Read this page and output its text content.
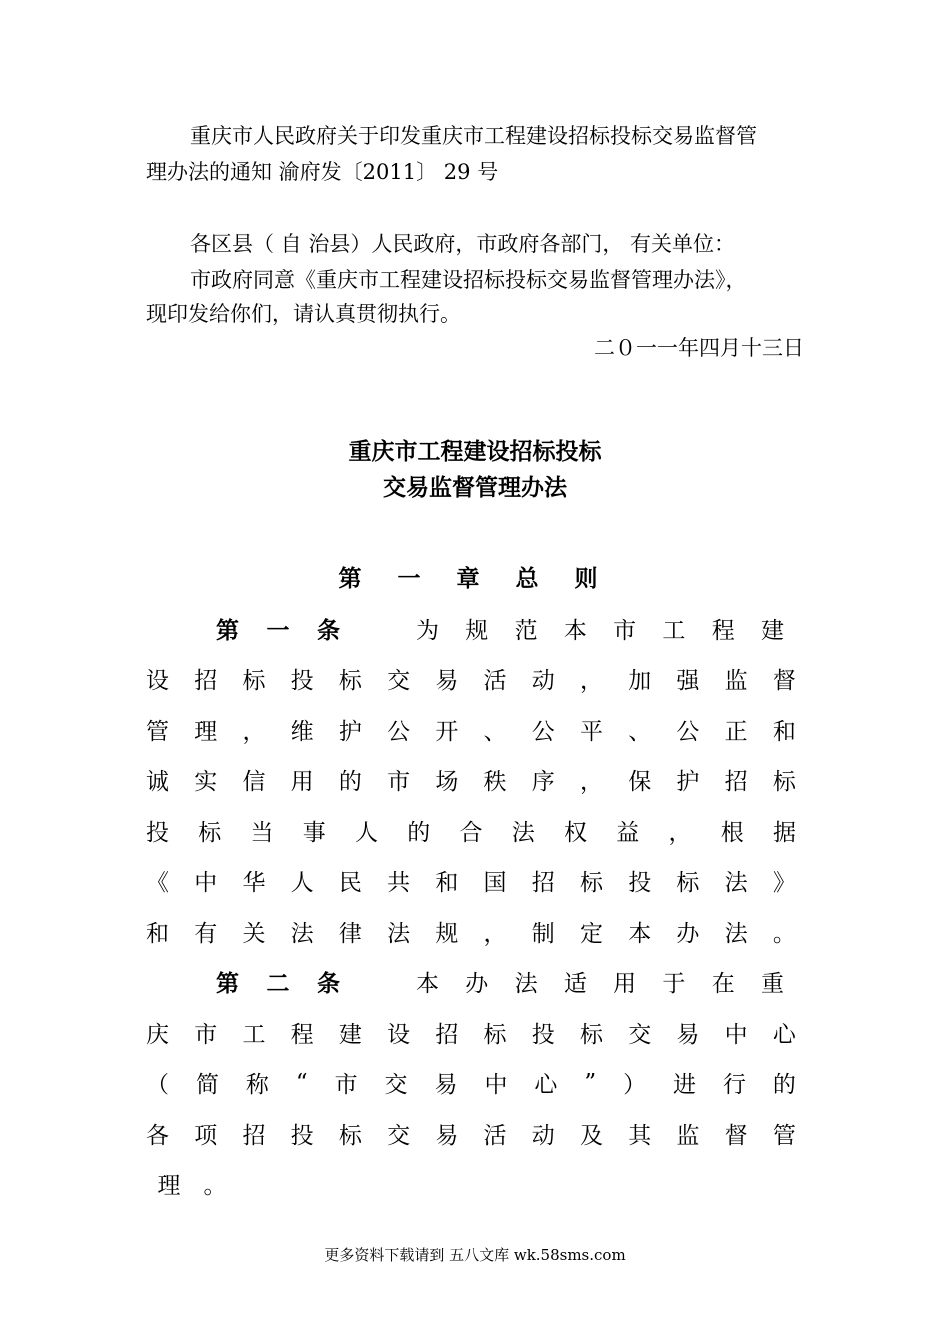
重庆市人民政府关于印发重庆市工程建设招标投标交易监督管

理办法的通知 渝府发〔2011〕 29 号

各区县（ 自 治县）人民政府，市政府各部门， 有关单位：

市政府同意《重庆市工程建设招标投标交易监督管理办法》，

现印发给你们，请认真贯彻执行。

二０一一年四月十三日

重庆市工程建设招标投标
交易监督管理办法
第 一 章 总 则
第 一 条	为 规 范 本 市 工 程 建
设 招 标 投 标 交 易 活 动 ， 加 强 监 督
管 理 ， 维 护 公 开 、 公 平 、 公 正 和
诚 实 信 用 的 市 场 秩 序 ， 保 护 招 标
投 标 当 事 人 的 合 法 权 益 ， 根 据
《 中 华 人 民 共 和 国 招 标 投 标 法 》
和 有 关 法 律 法 规 ， 制 定 本 办 法 。
第 二 条	本 办 法 适 用 于 在 重
庆 市 工 程 建 设 招 标 投 标 交 易 中 心
（ 简 称 “ 市 交 易 中 心 ” ） 进 行 的
各 项 招 投 标 交 易 活 动 及 其 监 督 管
理	。
更多资料下载请到 五八文库 wk.58sms.com
